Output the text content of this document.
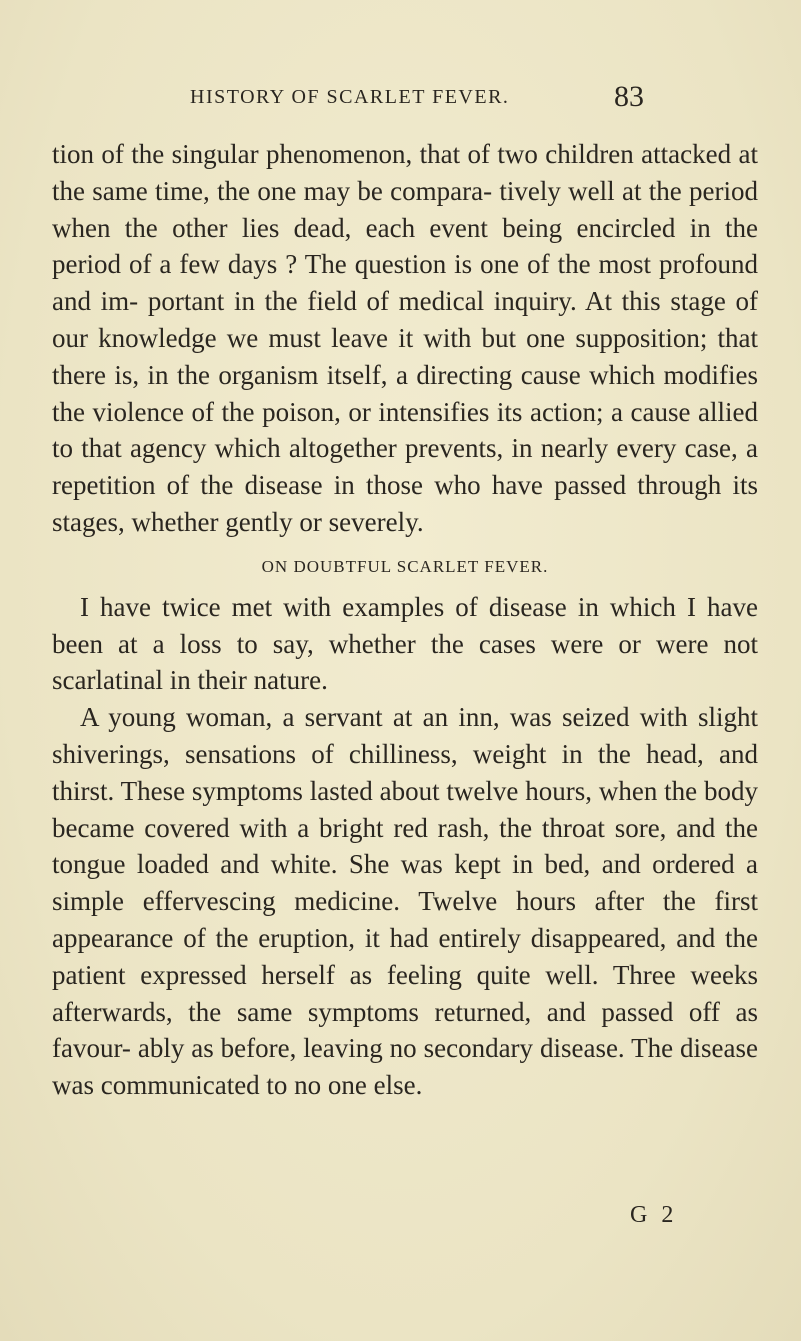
HISTORY OF SCARLET FEVER.	83

tion of the singular phenomenon, that of two children attacked at the same time, the one may be compara- tively well at the period when the other lies dead, each event being encircled in the period of a few days ? The question is one of the most profound and im- portant in the field of medical inquiry. At this stage of our knowledge we must leave it with but one supposition; that there is, in the organism itself, a directing cause which modifies the violence of the poison, or intensifies its action; a cause allied to that agency which altogether prevents, in nearly every case, a repetition of the disease in those who have passed through its stages, whether gently or severely.

ON DOUBTFUL SCARLET FEVER.

I have twice met with examples of disease in which I have been at a loss to say, whether the cases were or were not scarlatinal in their nature.

A young woman, a servant at an inn, was seized with slight shiverings, sensations of chilliness, weight in the head, and thirst. These symptoms lasted about twelve hours, when the body became covered with a bright red rash, the throat sore, and the tongue loaded and white. She was kept in bed, and ordered a simple effervescing medicine. Twelve hours after the first appearance of the eruption, it had entirely disappeared, and the patient expressed herself as feeling quite well. Three weeks afterwards, the same symptoms returned, and passed off as favour- ably as before, leaving no secondary disease. The disease was communicated to no one else.

G 2
